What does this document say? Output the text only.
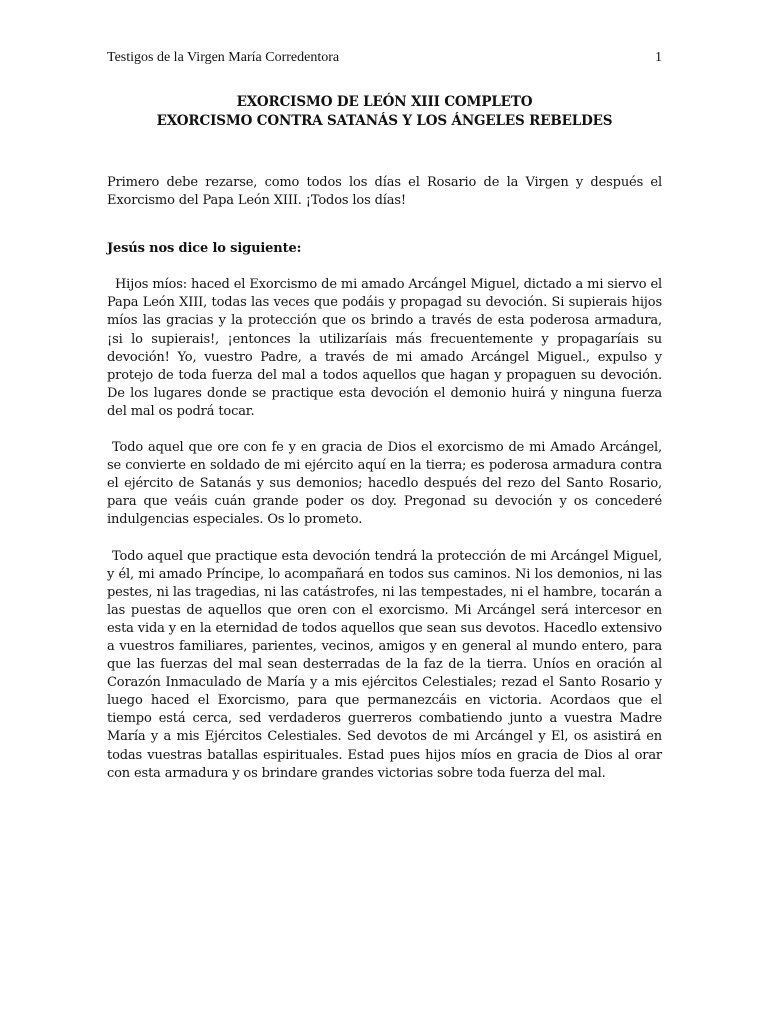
Testigos de la Virgen María Corredentora	1
EXORCISMO DE LEÓN XIII COMPLETO
EXORCISMO CONTRA SATANÁS Y LOS ÁNGELES REBELDES

Primero debe rezarse, como todos los días el Rosario de la Virgen y después el Exorcismo del Papa León XIII. ¡Todos los días!

Jesús nos dice lo siguiente:

Hijos míos: haced el Exorcismo de mi amado Arcángel Miguel, dictado a mi siervo el Papa León XIII, todas las veces que podáis y propagad su devoción. Si supierais hijos míos las gracias y la protección que os brindo a través de esta poderosa armadura, ¡si lo supierais!, ¡entonces la utilizaríais más frecuentemente y propagaríais su devoción! Yo, vuestro Padre, a través de mi amado Arcángel Miguel., expulso y protejo de toda fuerza del mal a todos aquellos que hagan y propaguen su devoción. De los lugares donde se practique esta devoción el demonio huirá y ninguna fuerza del mal os podrá tocar.

Todo aquel que ore con fe y en gracia de Dios el exorcismo de mi Amado Arcángel, se convierte en soldado de mi ejército aquí en la tierra; es poderosa armadura contra el ejército de Satanás y sus demonios; hacedlo después del rezo del Santo Rosario, para que veáis cuán grande poder os doy. Pregonad su devoción y os concederé indulgencias especiales. Os lo prometo.

Todo aquel que practique esta devoción tendrá la protección de mi Arcángel Miguel, y él, mi amado Príncipe, lo acompañará en todos sus caminos. Ni los demonios, ni las pestes, ni las tragedias, ni las catástrofes, ni las tempestades, ni el hambre, tocarán a las puestas de aquellos que oren con el exorcismo. Mi Arcángel será intercesor en esta vida y en la eternidad de todos aquellos que sean sus devotos. Hacedlo extensivo a vuestros familiares, parientes, vecinos, amigos y en general al mundo entero, para que las fuerzas del mal sean desterradas de la faz de la tierra. Uníos en oración al Corazón Inmaculado de María y a mis ejércitos Celestiales; rezad el Santo Rosario y luego haced el Exorcismo, para que permanezcáis en victoria. Acordaos que el tiempo está cerca, sed verdaderos guerreros combatiendo junto a vuestra Madre María y a mis Ejércitos Celestiales. Sed devotos de mi Arcángel y El, os asistirá en todas vuestras batallas espirituales. Estad pues hijos míos en gracia de Dios al orar con esta armadura y os brindare grandes victorias sobre toda fuerza del mal.
